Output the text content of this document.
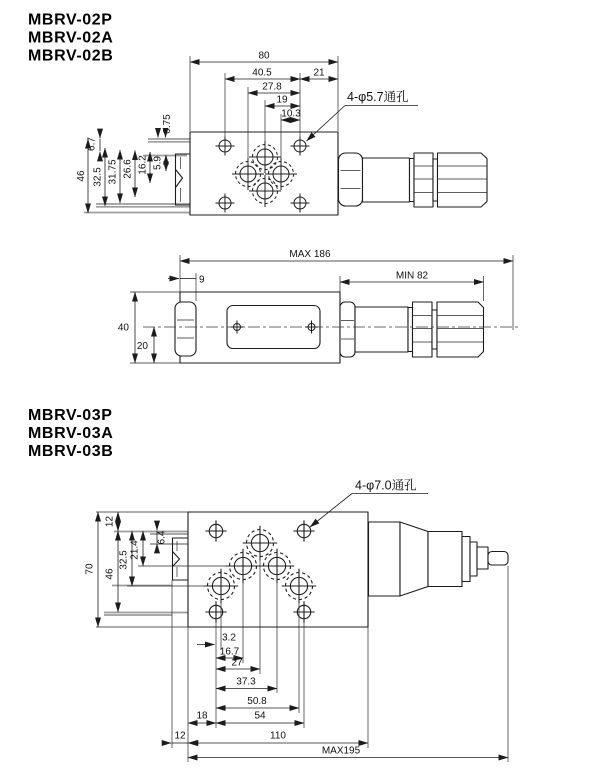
MBRV-02P
MBRV-02A
MBRV-02B	80
40.5	21
27.8
19
10.3
46
6.7
32.5 31.75 26.6 16.2 5.9
0.75
4-φ5.7通孔
MAX 186
MIN 82
9
40
20
MBRV-03P
MBRV-03A
MBRV-03B
70
12
46
32.5
21.4
6.4
3.2
16.7
27
37.3
50.8
18	54
12	110
MAX195
4-φ7.0通孔
